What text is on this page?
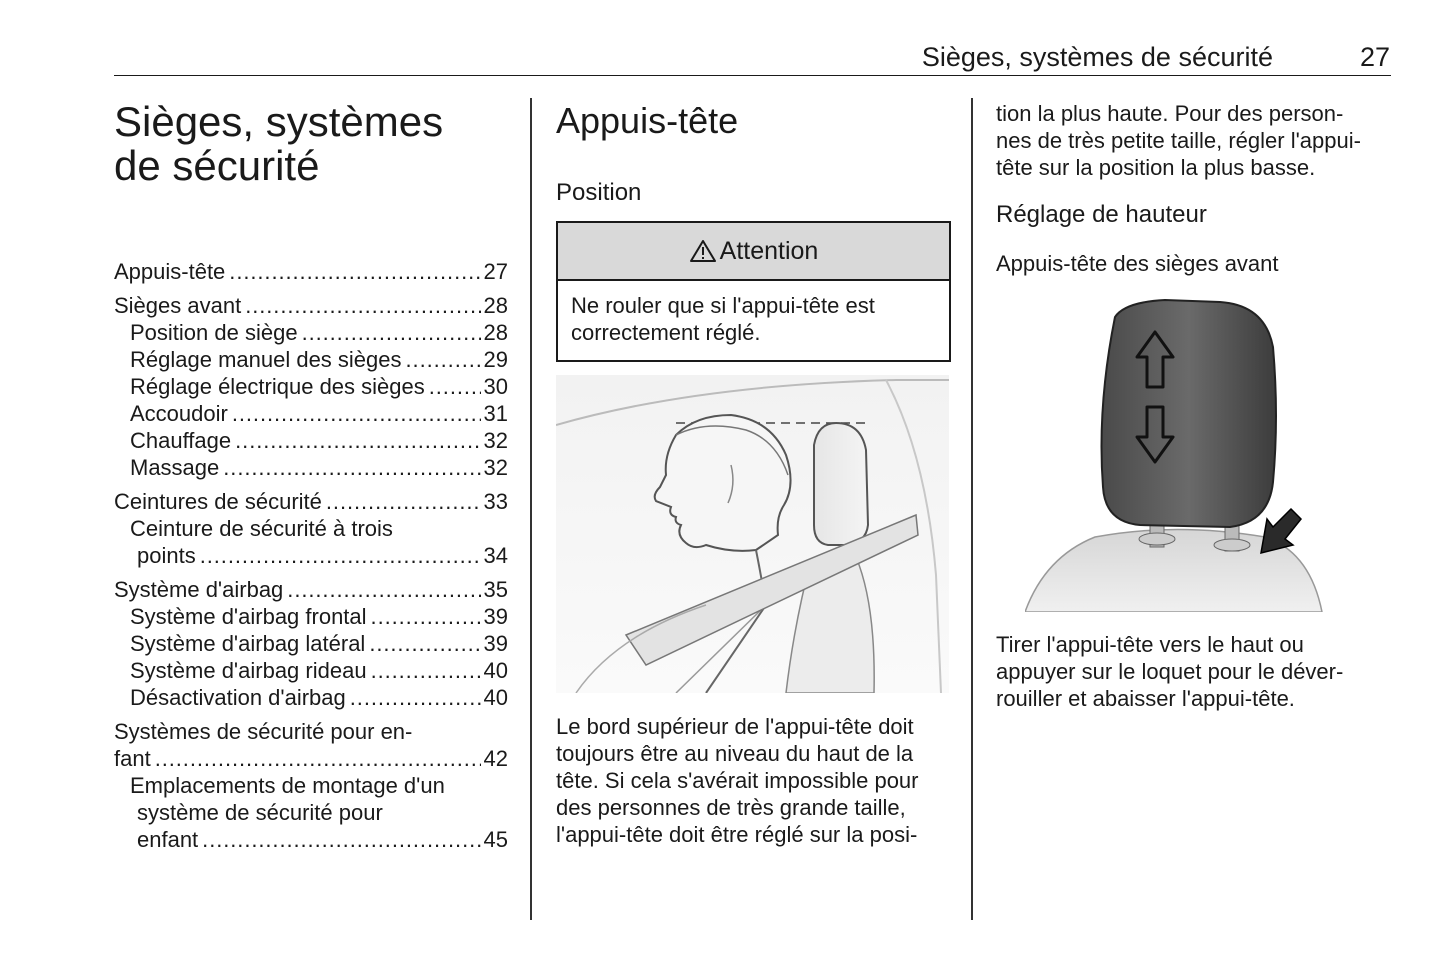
Sièges, systèmes de sécurité	27
Sièges, systèmes
de sécurité
Appuis-tête . . .	27
Sièges avant . . .	28
Position de siège . . .	28
Réglage manuel des sièges . . .	29
Réglage électrique des sièges . . .	30
Accoudoir . . .	31
Chauffage . . .	32
Massage . . .	32
Ceintures de sécurité . . .	33
Ceinture de sécurité à trois
points . . .	34
Système d'airbag . . .	35
Système d'airbag frontal . . .	39
Système d'airbag latéral . . .	39
Système d'airbag rideau . . .	40
Désactivation d'airbag . . .	40
Systèmes de sécurité pour en-
fant . . .	42
Emplacements de montage d'un
système de sécurité pour
enfant . . .	45
Appuis-tête
Position
Attention
Ne rouler que si l'appui-tête est
correctement réglé.

Le bord supérieur de l'appui-tête doit
toujours être au niveau du haut de la
tête. Si cela s'avérait impossible pour
des personnes de très grande taille,
l'appui-tête doit être réglé sur la posi-

tion la plus haute. Pour des person-
nes de très petite taille, régler l'appui-
tête sur la position la plus basse.

Réglage de hauteur
Appuis-tête des sièges avant

Tirer l'appui-tête vers le haut ou
appuyer sur le loquet pour le déver-
rouiller et abaisser l'appui-tête.
